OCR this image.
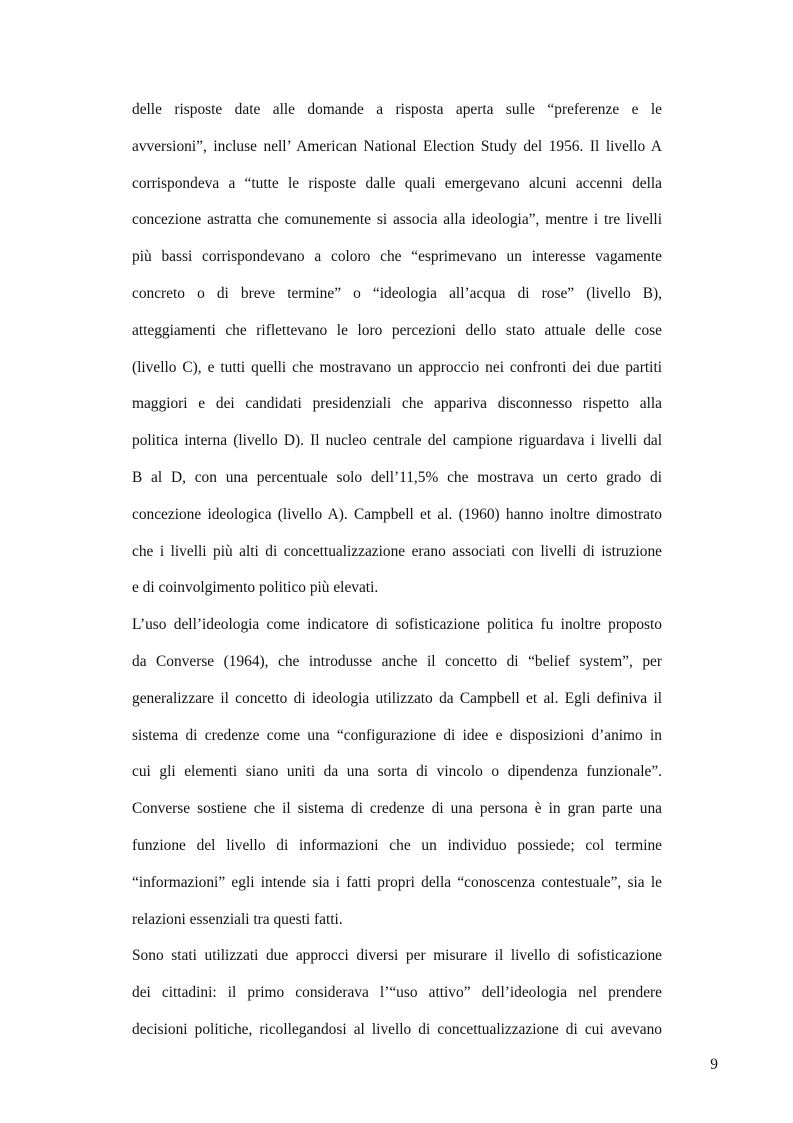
delle risposte date alle domande a risposta aperta sulle “preferenze e le
avversioni”, incluse nell’ American National Election Study del 1956. Il livello A
corrispondeva a “tutte le risposte dalle quali emergevano alcuni accenni della
concezione astratta che comunemente si associa alla ideologia”, mentre i tre livelli
più bassi corrispondevano a coloro che “esprimevano un interesse vagamente
concreto o di breve termine” o “ideologia all’acqua di rose” (livello B),
atteggiamenti che riflettevano le loro percezioni dello stato attuale delle cose
(livello C), e tutti quelli che mostravano un approccio nei confronti dei due partiti
maggiori e dei candidati presidenziali che appariva disconnesso rispetto alla
politica interna (livello D). Il nucleo centrale del campione riguardava i livelli dal
B al D, con una percentuale solo dell’11,5% che mostrava un certo grado di
concezione ideologica (livello A). Campbell et al. (1960) hanno inoltre dimostrato
che i livelli più alti di concettualizzazione erano associati con livelli di istruzione
e di coinvolgimento politico più elevati.
L’uso dell’ideologia come indicatore di sofisticazione politica fu inoltre proposto
da Converse (1964), che introdusse anche il concetto di “belief system”, per
generalizzare il concetto di ideologia utilizzato da Campbell et al. Egli definiva il
sistema di credenze come una “configurazione di idee e disposizioni d’animo in
cui gli elementi siano uniti da una sorta di vincolo o dipendenza funzionale”.
Converse sostiene che il sistema di credenze di una persona è in gran parte una
funzione del livello di informazioni che un individuo possiede; col termine
“informazioni” egli intende sia i fatti propri della “conoscenza contestuale”, sia le
relazioni essenziali tra questi fatti.
Sono stati utilizzati due approcci diversi per misurare il livello di sofisticazione
dei cittadini: il primo considerava l’“uso attivo” dell’ideologia nel prendere
decisioni politiche, ricollegandosi al livello di concettualizzazione di cui avevano
9
